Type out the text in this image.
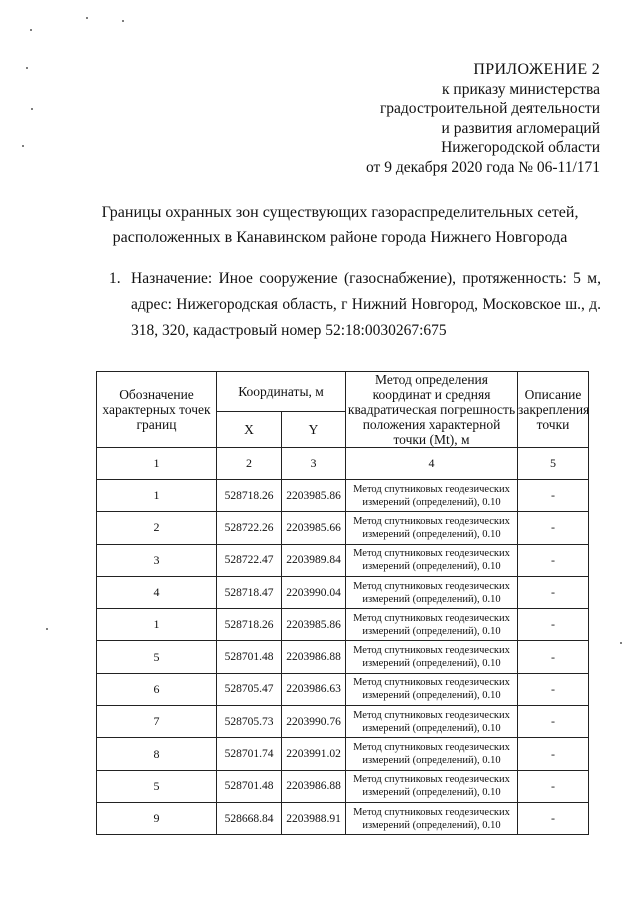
ПРИЛОЖЕНИЕ 2
к приказу министерства
градостроительной деятельности
и развития агломераций
Нижегородской области
от 9 декабря 2020 года № 06-11/171
Границы охранных зон существующих газораспределительных сетей,
расположенных в Канавинском районе города Нижнего Новгорода
1. Назначение: Иное сооружение (газоснабжение), протяженность: 5 м,
адрес: Нижегородская область, г Нижний Новгород, Московское ш., д.
318, 320, кадастровый номер 52:18:0030267:675
Обозначение характерных точек границ	Координаты, м		Метод определения координат и средняя квадратическая погрешность положения характерной точки (Мt), м	Описание закрепления точки
	X	Y		
1	2	3	4	5
1	528718.26	2203985.86	Метод спутниковых геодезических измерений (определений), 0.10	-
2	528722.26	2203985.66	Метод спутниковых геодезических измерений (определений), 0.10	-
3	528722.47	2203989.84	Метод спутниковых геодезических измерений (определений), 0.10	-
4	528718.47	2203990.04	Метод спутниковых геодезических измерений (определений), 0.10	-
1	528718.26	2203985.86	Метод спутниковых геодезических измерений (определений), 0.10	-
5	528701.48	2203986.88	Метод спутниковых геодезических измерений (определений), 0.10	-
6	528705.47	2203986.63	Метод спутниковых геодезических измерений (определений), 0.10	-
7	528705.73	2203990.76	Метод спутниковых геодезических измерений (определений), 0.10	-
8	528701.74	2203991.02	Метод спутниковых геодезических измерений (определений), 0.10	-
5	528701.48	2203986.88	Метод спутниковых геодезических измерений (определений), 0.10	-
9	528668.84	2203988.91	Метод спутниковых геодезических измерений (определений), 0.10	-
